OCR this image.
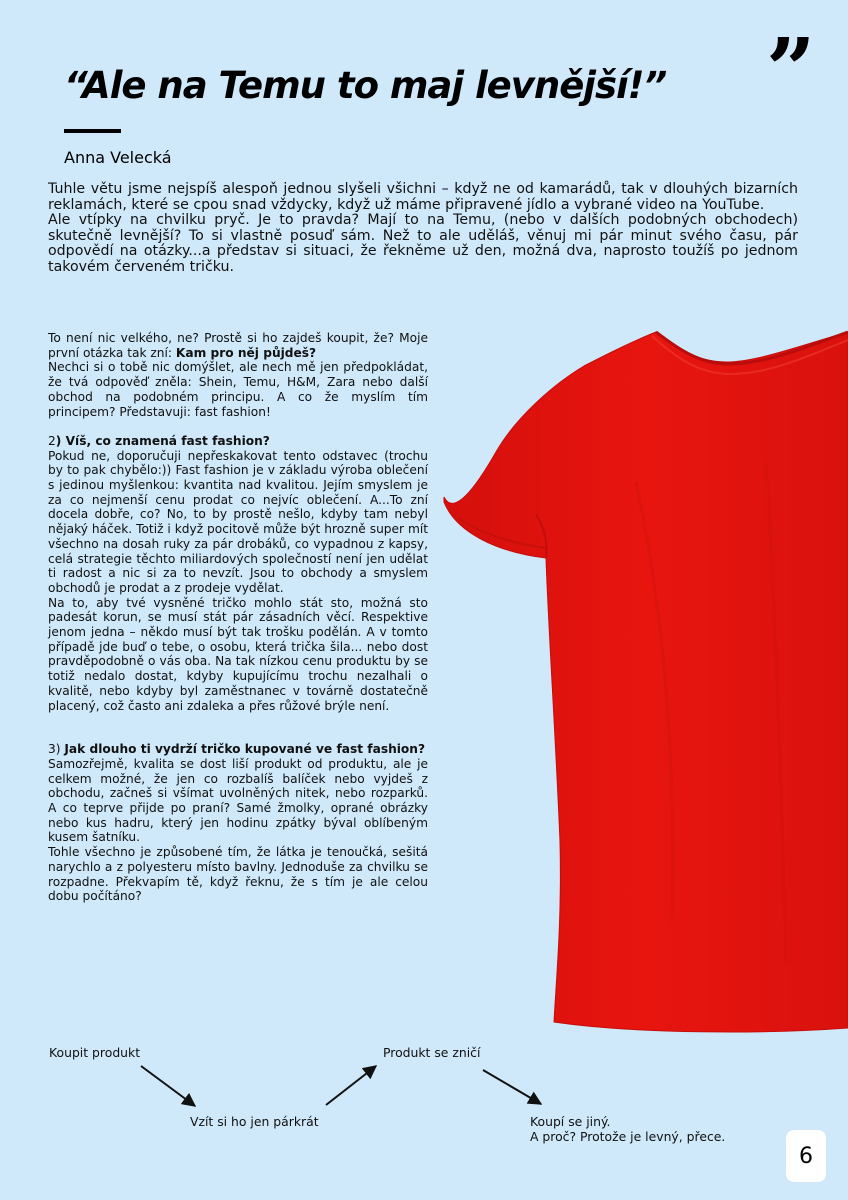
“Ale na Temu to maj levnější!” ”
Anna Velecká

Tuhle větu jsme nejspíš alespoň jednou slyšeli všichni – když ne od kamarádů, tak v dlouhých bizarních reklamách, které se cpou snad vždycky, když už máme připravené jídlo a vybrané video na YouTube.

Ale vtípky na chvilku pryč. Je to pravda? Mají to na Temu, (nebo v dalších podobných obchodech) skutečně levnější? To si vlastně posuď sám. Než to ale uděláš, věnuj mi pár minut svého času, pár odpovědí na otázky...a představ si situaci, že řekněme už den, možná dva, naprosto toužíš po jednom takovém červeném tričku.

To není nic velkého, ne? Prostě si ho zajdeš koupit, že? Moje první otázka tak zní: Kam pro něj půjdeš?

Nechci si o tobě nic domýšlet, ale nech mě jen předpokládat, že tvá odpověď zněla: Shein, Temu, H&M, Zara nebo další obchod na podobném principu. A co že myslím tím principem? Představuji: fast fashion!

2) Víš, co znamená fast fashion?

Pokud ne, doporučuji nepřeskakovat tento odstavec (trochu by to pak chybělo:)) Fast fashion je v základu výroba oblečení s jedinou myšlenkou: kvantita nad kvalitou. Jejím smyslem je za co nejmenší cenu prodat co nejvíc oblečení. A...To zní docela dobře, co? No, to by prostě nešlo, kdyby tam nebyl nějaký háček. Totiž i když pocitově může být hrozně super mít všechno na dosah ruky za pár drobáků, co vypadnou z kapsy, celá strategie těchto miliardových společností není jen udělat ti radost a nic si za to nevzít. Jsou to obchody a smyslem obchodů je prodat a z prodeje vydělat.

Na to, aby tvé vysněné tričko mohlo stát sto, možná sto padesát korun, se musí stát pár zásadních věcí. Respektive jenom jedna – někdo musí být tak trošku podělán. A v tomto případě jde buď o tebe, o osobu, která trička šila... nebo dost pravděpodobně o vás oba. Na tak nízkou cenu produktu by se totiž nedalo dostat, kdyby kupujícímu trochu nezalhali o kvalitě, nebo kdyby byl zaměstnanec v továrně dostatečně placený, což často ani zdaleka a přes růžové brýle není.

3) Jak dlouho ti vydrží tričko kupované ve fast fashion?

Samozřejmě, kvalita se dost liší produkt od produktu, ale je celkem možné, že jen co rozbalíš balíček nebo vyjdeš z obchodu, začneš si všímat uvolněných nitek, nebo rozparků. A co teprve přijde po praní? Samé žmolky, oprané obrázky nebo kus hadru, který jen hodinu zpátky býval oblíbeným kusem šatníku.

Tohle všechno je způsobené tím, že látka je tenoučká, sešitá narychlo a z polyesteru místo bavlny. Jednoduše za chvilku se rozpadne. Překvapím tě, když řeknu, že s tím je ale celou dobu počítáno?

Koupit produkt
Vzít si ho jen párkrát
Produkt se zničí
Koupí se jiný.
A proč? Protože je levný, přece.
6
